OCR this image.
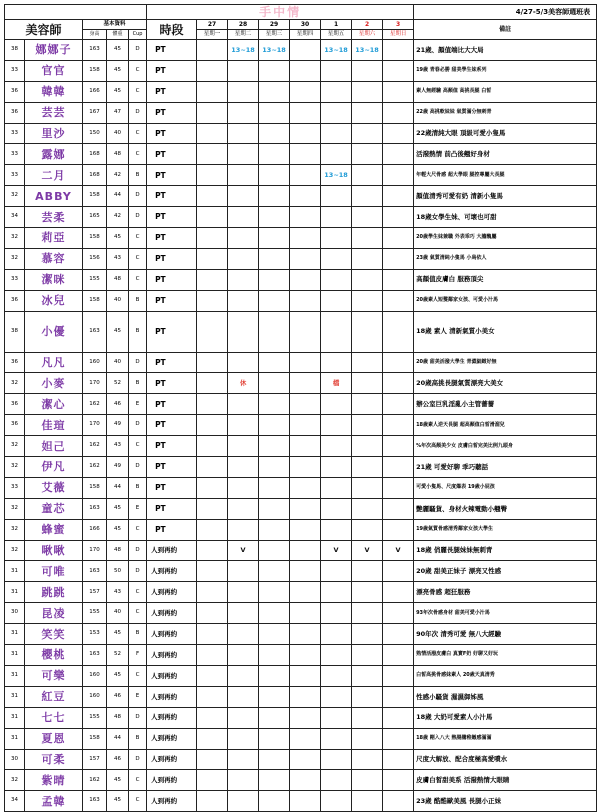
					手中情								4/27-5/3美容師週班表
美容師		基本資料			時段	27	28	29	30	1	2	3	備註
		身高	體重	Cup		星期一	星期二	星期三	星期四	星期五	星期六	星期日	
38	娜娜子	163	45	D	PT		13~18	13~18		13~18	13~18		21歲、顏值端比大大局
33	官官	158	45	C	PT								19歲 青春必勝 甜美學生妹系列
36	韓韓	166	45	C	PT								素人無經驗 高顏值 高挑長腿 白皙
36	芸芸	167	47	D	PT								22歲 高挑軟妹妹 氣質滿分無刺青
33	里沙	150	40	C	PT								22歲清純大眼 頂級可愛小隻馬
33	露娜	168	48	C	PT								活潑熱情 前凸後翹好身材
33	二月	168	42	B	PT					13~18			年輕大尺骨感 超大學眼 腿控專屬大長腿
32	ABBY	158	44	D	PT								顏值清秀可愛有奶 清新小隻馬
34	芸柔	165	42	D	PT								18歲女學生妹、可壞也可甜
32	莉亞	158	45	C	PT								20歲學生妹兼職 外表乖巧 大膽醜屬
32	慕容	156	43	C	PT								23歲 氣質清純小隻馬 小鳥依人
33	潔咪	155	48	C	PT								高顏值皮膚白 服務頂尖
36	冰兒	158	40	B	PT								20歲素人短髮鄰家女孩、可愛小汁馬
38	小優	163	45	B	PT								18歲 素人 清新氣質小美女
36	凡凡	160	40	D	PT								20歲 甜美活潑大學生 青澀細緻好無
32	小麥	170	52	B	PT		休			檔			20歲高挑長腿氣質漂亮大美女
36	潔心	162	46	E	PT								辦公室巨乳淫亂小主管薔薔
36	佳瑄	170	49	D	PT								18歲素人逆天長腿 超高顏值白皙滑溜兒
32	妲己	162	43	C	PT								%年次高顏美少女 皮膚白皙完美比例九頭身
32	伊凡	162	49	D	PT								21歲 可愛好聊 乖巧聽話
33	艾薇	158	44	B	PT								可愛小隻馬、尺度爆表 19歲小屁孩
32	童芯	163	45	E	PT								艷麗騷貨、身材火辣電動小翹臀
32	蜂蜜	166	45	C	PT								19歲氣質骨感清秀鄰家女孩大學生
32	啾啾	170	48	D	人到再約		V			V	V	V	18歲 俏麗長腿妹妹無刺青
31	可唯	163	50	D	人到再約								20歲 甜美正妹子 漂亮又性感
31	跳跳	157	43	C	人到再約								漂亮骨感 超狂服務
30	昆凌	155	40	C	人到再約								93年次骨感身材 甜美可愛小汁馬
31	笑笑	153	45	B	人到再約								90年次 清秀可愛 無八大經驗
31	櫻桃	163	52	F	人到再約								熟情活潑皮膚白 真實F奶 好聊又好玩
31	可樂	160	45	C	人到再約								白皙高挑骨感妹素人 20歲天真清秀
31	紅豆	160	46	E	人到再約								性感小騷貨 濕濕御姊風
31	七七	155	48	D	人到再約								18歲 大奶可愛素人小汁馬
31	夏恩	158	44	B	人到再約								18歲 剛入八大 熱腸騰稚嫩感滿滿
30	可柔	157	46	D	人到再約								尺度大解放、配合度極高愛噴水
32	紫晴	162	45	C	人到再約								皮膚白皙甜美系 活潑熱情大眼睛
34	孟韓	163	45	C	人到再約								23歲 酷酷歐美風 長腿小正妹
